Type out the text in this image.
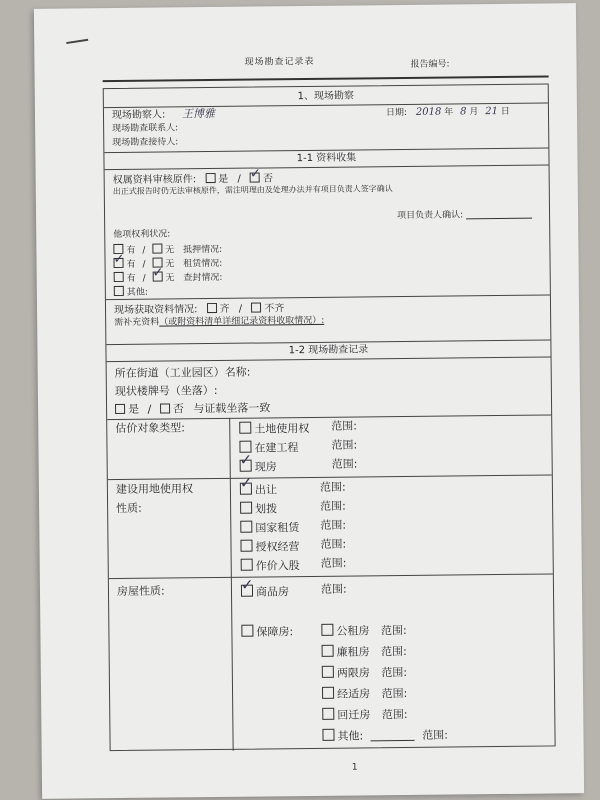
现场勘查记录表	报告编号:
1、现场勘察
现场勘察人: 王博雅	日期: 2018 年 8 月 21 日
现场勘查联系人:
现场勘查接待人:
1-1 资料收集
权属资料审核原件: 是 / ✓ 否
出正式报告时仍无法审核原件，需注明理由及处理办法并有项目负责人签字确认
项目负责人确认:
他项权利状况:
有 / 无 抵押情况:
✓有 / 无 租赁情况:
有 / ✓ 无 查封情况:
其他:
现场获取资料情况: 齐 / 不齐
需补充资料（或附资料清单详细记录资料收取情况）:
1-2 现场勘查记录
所在街道（工业园区）名称:
现状楼牌号（坐落）:
是 / 否 与证载坐落一致
估价对象类型:	土地使用权 范围:
在建工程	范围:
✓现房	范围:
建设用地使用权
性质:
✓出让	范围:
划拨	范围:
国家租赁 范围:
授权经营 范围:
作价入股 范围:
房屋性质: ✓	商品房	范围:
保障房:	公租房 范围:
廉租房 范围:
两限房 范围:
经适房 范围:
回迁房 范围:
其他:	范围:
1
